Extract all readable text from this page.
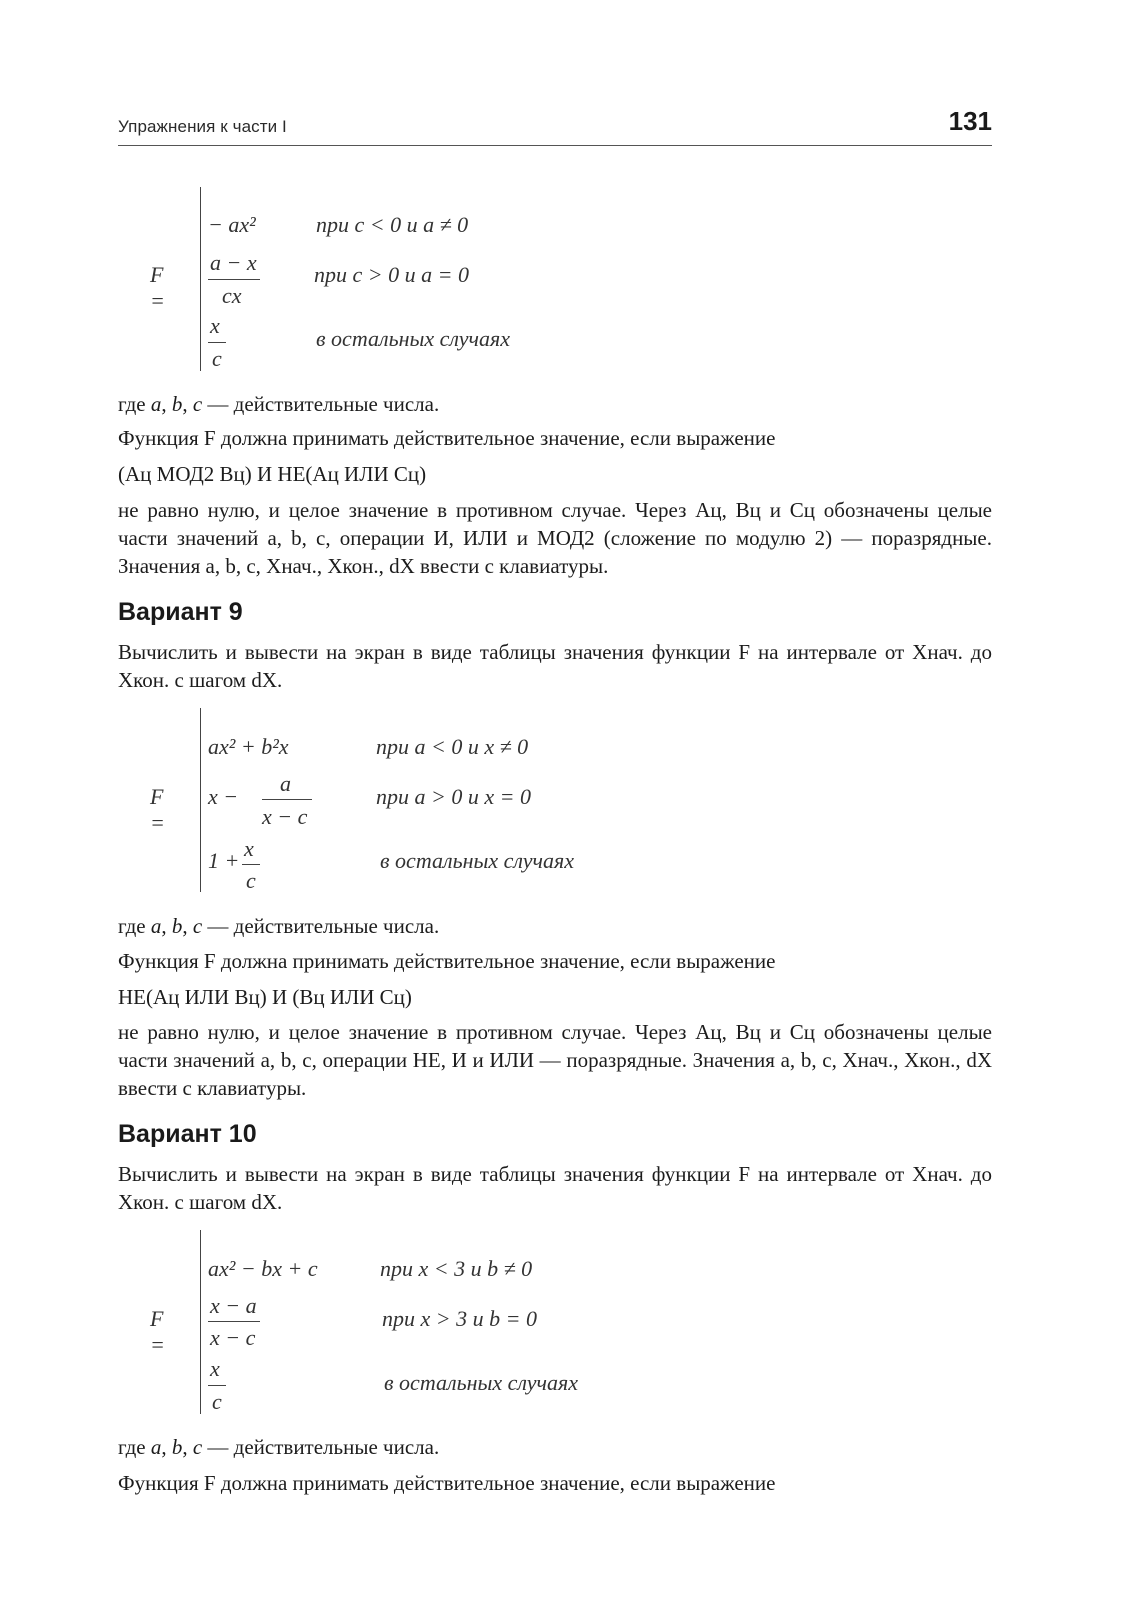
Упражнения к части I	131
F =
− ax²	при c < 0 и a ≠ 0
a − x
cx
при c > 0 и a = 0
x
c
в остальных случаях
где a, b, c — действительные числа.
Функция F должна принимать действительное значение, если выражение
(Ац МОД2 Вц) И НЕ(Ац ИЛИ Сц)
не равно нулю, и целое значение в противном случае. Через Ац, Вц и Сц обозначены целые части значений a, b, c, операции И, ИЛИ и МОД2 (сложение по модулю 2) — поразрядные. Значения a, b, c, Хнач., Хкон., dX ввести с клавиатуры.
Вариант 9
Вычислить и вывести на экран в виде таблицы значения функции F на интервале от Хнач. до Хкон. с шагом dX.
F =
ax² + b²x	при a < 0 и x ≠ 0
x −
a
x − c
при a > 0 и x = 0
1 + x
c
в остальных случаях
где a, b, c — действительные числа.
Функция F должна принимать действительное значение, если выражение
НЕ(Ац ИЛИ Вц) И (Вц ИЛИ Сц)
не равно нулю, и целое значение в противном случае. Через Ац, Вц и Сц обозначены целые части значений a, b, c, операции НЕ, И и ИЛИ — поразрядные. Значения a, b, c, Хнач., Хкон., dX ввести с клавиатуры.
Вариант 10
Вычислить и вывести на экран в виде таблицы значения функции F на интервале от Хнач. до Хкон. с шагом dX.
F =
ax² − bx + c	при x < 3 и b ≠ 0
x − a
x − c
при x > 3 и b = 0
x
c
в остальных случаях
где a, b, c — действительные числа.
Функция F должна принимать действительное значение, если выражение
